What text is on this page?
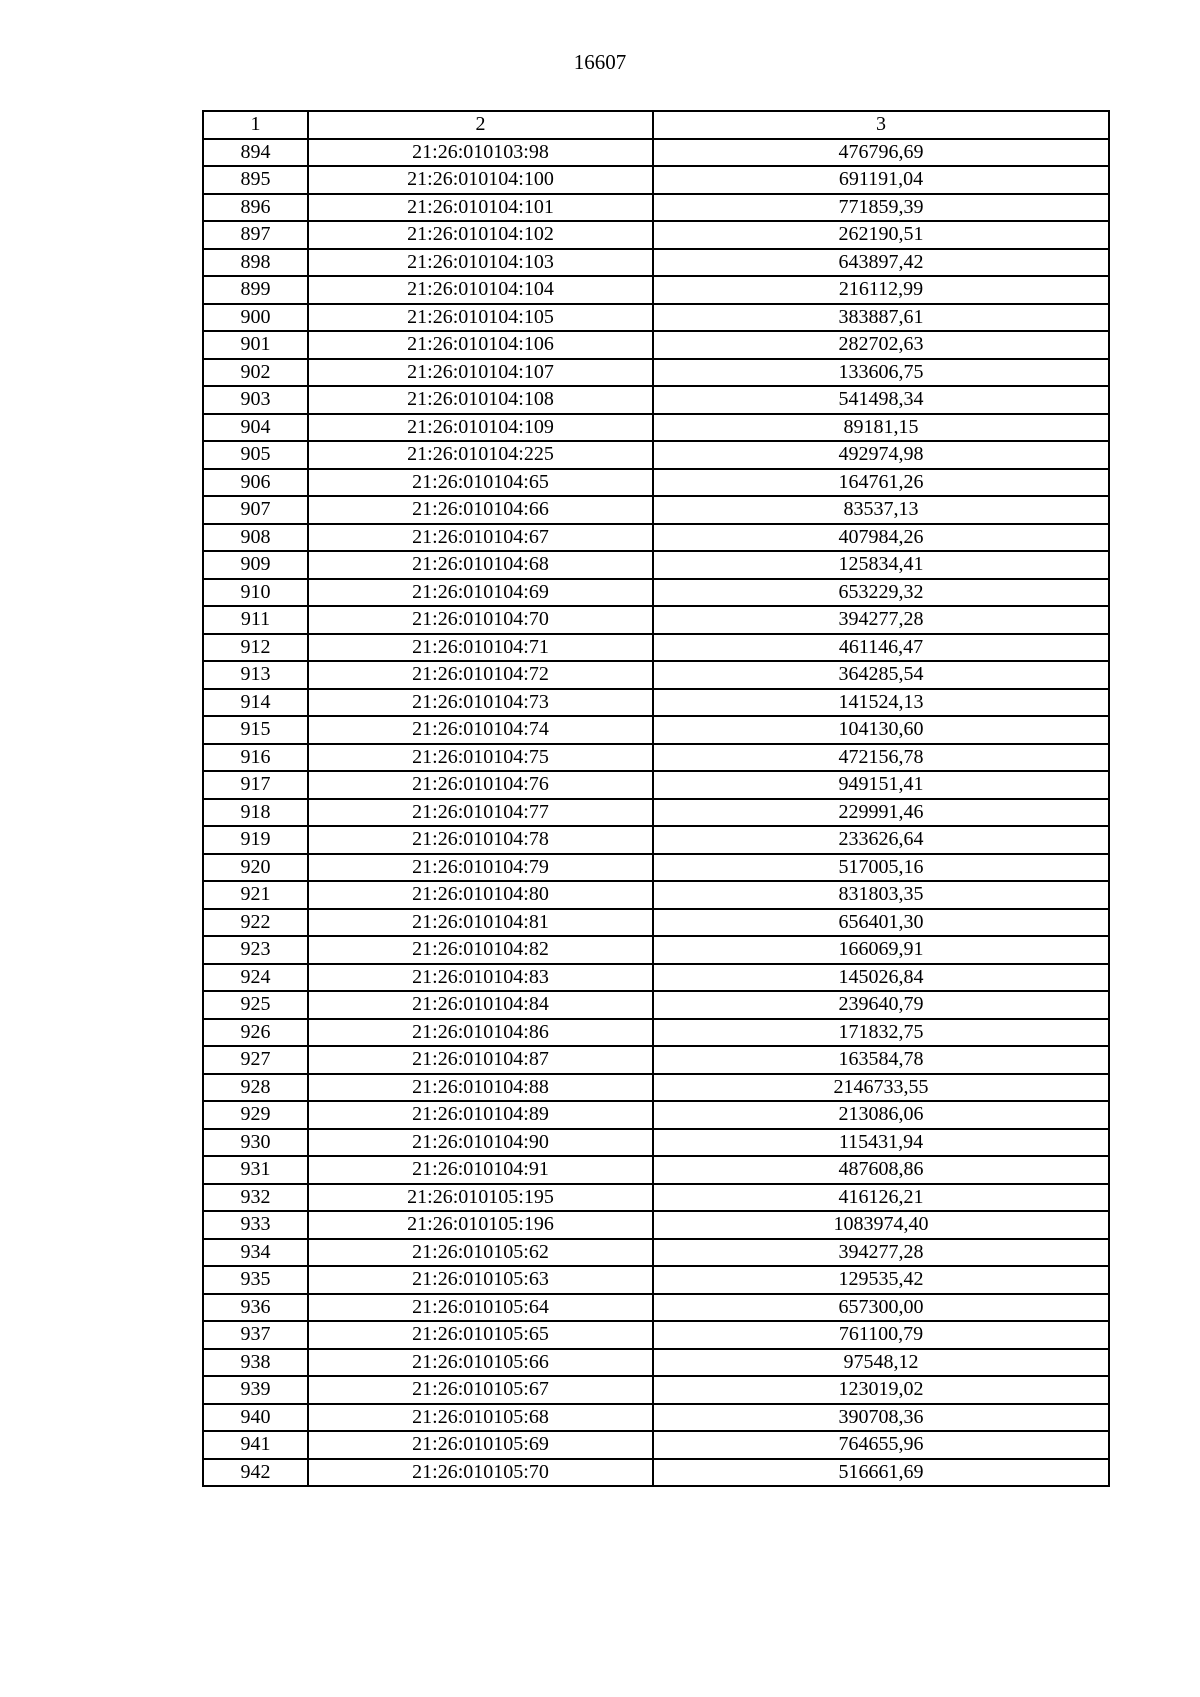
16607
1	2	3
894	21:26:010103:98	476796,69
895	21:26:010104:100	691191,04
896	21:26:010104:101	771859,39
897	21:26:010104:102	262190,51
898	21:26:010104:103	643897,42
899	21:26:010104:104	216112,99
900	21:26:010104:105	383887,61
901	21:26:010104:106	282702,63
902	21:26:010104:107	133606,75
903	21:26:010104:108	541498,34
904	21:26:010104:109	89181,15
905	21:26:010104:225	492974,98
906	21:26:010104:65	164761,26
907	21:26:010104:66	83537,13
908	21:26:010104:67	407984,26
909	21:26:010104:68	125834,41
910	21:26:010104:69	653229,32
911	21:26:010104:70	394277,28
912	21:26:010104:71	461146,47
913	21:26:010104:72	364285,54
914	21:26:010104:73	141524,13
915	21:26:010104:74	104130,60
916	21:26:010104:75	472156,78
917	21:26:010104:76	949151,41
918	21:26:010104:77	229991,46
919	21:26:010104:78	233626,64
920	21:26:010104:79	517005,16
921	21:26:010104:80	831803,35
922	21:26:010104:81	656401,30
923	21:26:010104:82	166069,91
924	21:26:010104:83	145026,84
925	21:26:010104:84	239640,79
926	21:26:010104:86	171832,75
927	21:26:010104:87	163584,78
928	21:26:010104:88	2146733,55
929	21:26:010104:89	213086,06
930	21:26:010104:90	115431,94
931	21:26:010104:91	487608,86
932	21:26:010105:195	416126,21
933	21:26:010105:196	1083974,40
934	21:26:010105:62	394277,28
935	21:26:010105:63	129535,42
936	21:26:010105:64	657300,00
937	21:26:010105:65	761100,79
938	21:26:010105:66	97548,12
939	21:26:010105:67	123019,02
940	21:26:010105:68	390708,36
941	21:26:010105:69	764655,96
942	21:26:010105:70	516661,69
